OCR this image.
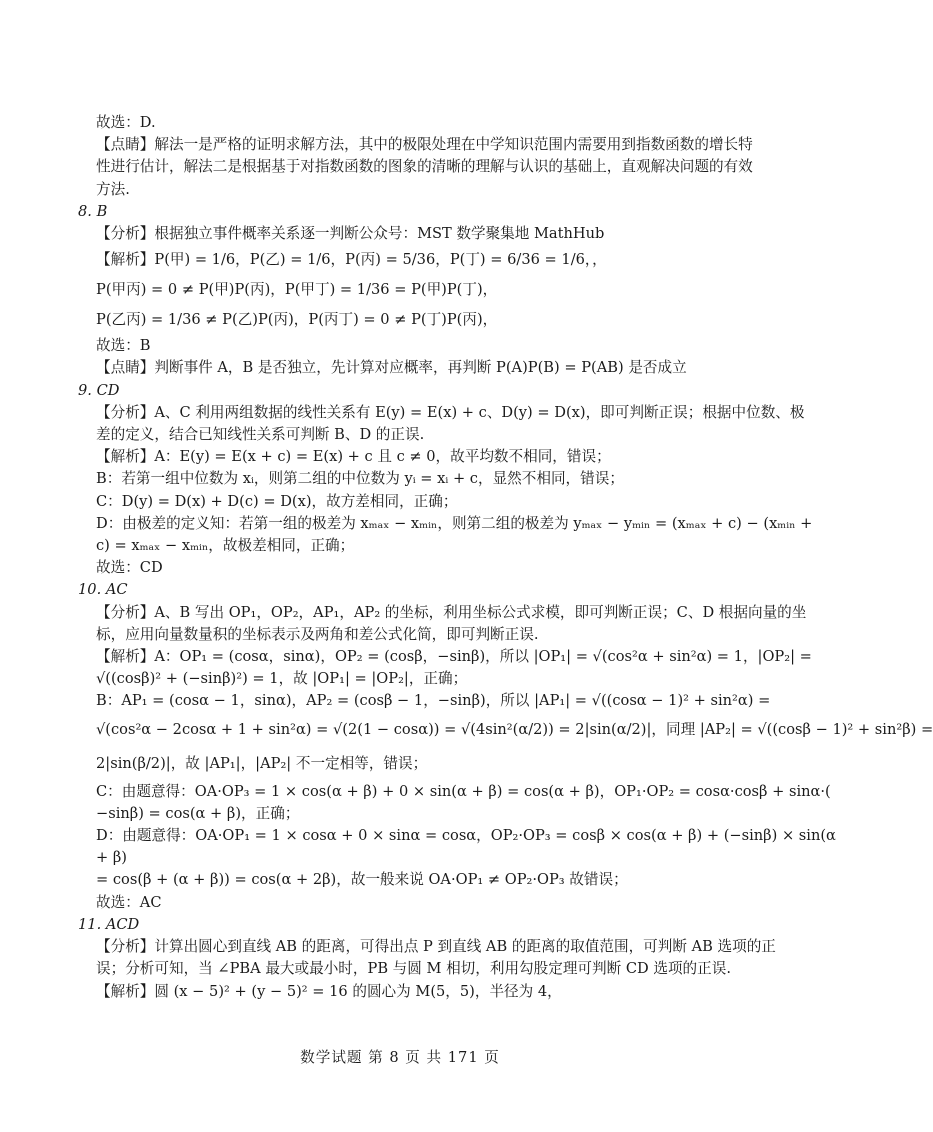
故选：D.
【点睛】解法一是严格的证明求解方法，其中的极限处理在中学知识范围内需要用到指数函数的增长特
性进行估计，解法二是根据基于对指数函数的图象的清晰的理解与认识的基础上，直观解决问题的有效
方法.
8. B
【分析】根据独立事件概率关系逐一判断公众号：MST 数学聚集地 MathHub
【解析】P(甲) = 1/6，P(乙) = 1/6，P(丙) = 5/36，P(丁) = 6/36 = 1/6，，
P(甲丙) = 0 ≠ P(甲)P(丙)，P(甲丁) = 1/36 = P(甲)P(丁)，
P(乙丙) = 1/36 ≠ P(乙)P(丙)，P(丙丁) = 0 ≠ P(丁)P(丙)，
故选：B
【点睛】判断事件 A，B 是否独立，先计算对应概率，再判断 P(A)P(B) = P(AB) 是否成立
9. CD
【分析】A、C 利用两组数据的线性关系有 E(y) = E(x) + c、D(y) = D(x)，即可判断正误；根据中位数、极
差的定义，结合已知线性关系可判断 B、D 的正误.
【解析】A：E(y) = E(x + c) = E(x) + c 且 c ≠ 0，故平均数不相同，错误；
B：若第一组中位数为 xᵢ，则第二组的中位数为 yᵢ = xᵢ + c，显然不相同，错误；
C：D(y) = D(x) + D(c) = D(x)，故方差相同，正确；
D：由极差的定义知：若第一组的极差为 xₘₐₓ − xₘᵢₙ，则第二组的极差为 yₘₐₓ − yₘᵢₙ = (xₘₐₓ + c) − (xₘᵢₙ +
c) = xₘₐₓ − xₘᵢₙ，故极差相同，正确；
故选：CD
10. AC
【分析】A、B 写出 OP₁，OP₂，AP₁，AP₂ 的坐标，利用坐标公式求模，即可判断正误；C、D 根据向量的坐
标，应用向量数量积的坐标表示及两角和差公式化简，即可判断正误.
【解析】A：OP₁ = (cosα，sinα)，OP₂ = (cosβ，−sinβ)，所以 |OP₁| = √(cos²α + sin²α) = 1，|OP₂| =
√((cosβ)² + (−sinβ)²) = 1，故 |OP₁| = |OP₂|，正确；
B：AP₁ = (cosα − 1，sinα)，AP₂ = (cosβ − 1，−sinβ)，所以 |AP₁| = √((cosα − 1)² + sin²α) =
√(cos²α − 2cosα + 1 + sin²α) = √(2(1 − cosα)) = √(4sin²(α/2)) = 2|sin(α/2)|，同理 |AP₂| = √((cosβ − 1)² + sin²β) =
2|sin(β/2)|，故 |AP₁|，|AP₂| 不一定相等，错误；
C：由题意得：OA·OP₃ = 1 × cos(α + β) + 0 × sin(α + β) = cos(α + β)，OP₁·OP₂ = cosα·cosβ + sinα·(
−sinβ) = cos(α + β)，正确；
D：由题意得：OA·OP₁ = 1 × cosα + 0 × sinα = cosα，OP₂·OP₃ = cosβ × cos(α + β) + (−sinβ) × sin(α
+ β)
= cos(β + (α + β)) = cos(α + 2β)，故一般来说 OA·OP₁ ≠ OP₂·OP₃ 故错误；
故选：AC
11. ACD
【分析】计算出圆心到直线 AB 的距离，可得出点 P 到直线 AB 的距离的取值范围，可判断 AB 选项的正
误；分析可知，当 ∠PBA 最大或最小时，PB 与圆 M 相切，利用勾股定理可判断 CD 选项的正误.
【解析】圆 (x − 5)² + (y − 5)² = 16 的圆心为 M(5，5)，半径为 4，
数学试题 第 8 页 共 171 页
